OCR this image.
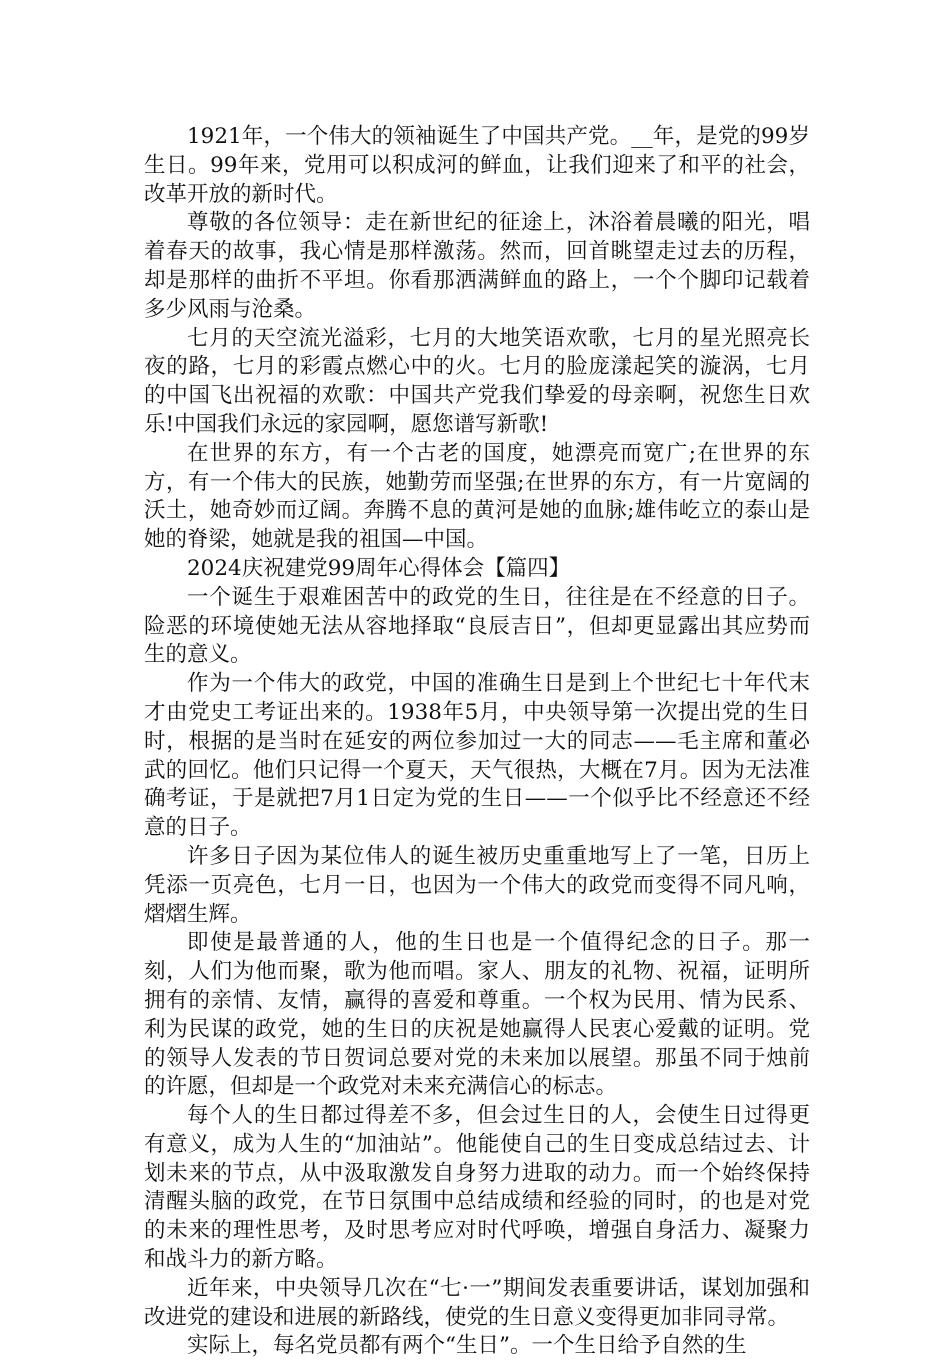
1921年，一个伟大的领袖诞生了中国共产党。__年，是党的99岁生日。99年来，党用可以积成河的鲜血，让我们迎来了和平的社会，改革开放的新时代。

尊敬的各位领导：走在新世纪的征途上，沐浴着晨曦的阳光，唱着春天的故事，我心情是那样激荡。然而，回首眺望走过去的历程，却是那样的曲折不平坦。你看那洒满鲜血的路上，一个个脚印记载着多少风雨与沧桑。

七月的天空流光溢彩，七月的大地笑语欢歌，七月的星光照亮长夜的路，七月的彩霞点燃心中的火。七月的脸庞漾起笑的漩涡，七月的中国飞出祝福的欢歌：中国共产党我们挚爱的母亲啊，祝您生日欢乐!中国我们永远的家园啊，愿您谱写新歌!

在世界的东方，有一个古老的国度，她漂亮而宽广;在世界的东方，有一个伟大的民族，她勤劳而坚强;在世界的东方，有一片宽阔的沃土，她奇妙而辽阔。奔腾不息的黄河是她的血脉;雄伟屹立的泰山是她的脊梁，她就是我的祖国—中国。

2024庆祝建党99周年心得体会【篇四】

一个诞生于艰难困苦中的政党的生日，往往是在不经意的日子。险恶的环境使她无法从容地择取“良辰吉日”，但却更显露出其应势而生的意义。

作为一个伟大的政党，中国的准确生日是到上个世纪七十年代末才由党史工考证出来的。1938年5月，中央领导第一次提出党的生日时，根据的是当时在延安的两位参加过一大的同志——毛主席和董必武的回忆。他们只记得一个夏天，天气很热，大概在7月。因为无法准确考证，于是就把7月1日定为党的生日——一个似乎比不经意还不经意的日子。

许多日子因为某位伟人的诞生被历史重重地写上了一笔，日历上凭添一页亮色，七月一日，也因为一个伟大的政党而变得不同凡响，熠熠生辉。

即使是最普通的人，他的生日也是一个值得纪念的日子。那一刻，人们为他而聚，歌为他而唱。家人、朋友的礼物、祝福，证明所拥有的亲情、友情，赢得的喜爱和尊重。一个权为民用、情为民系、利为民谋的政党，她的生日的庆祝是她赢得人民衷心爱戴的证明。党的领导人发表的节日贺词总要对党的未来加以展望。那虽不同于烛前的许愿，但却是一个政党对未来充满信心的标志。

每个人的生日都过得差不多，但会过生日的人，会使生日过得更有意义，成为人生的“加油站”。他能使自己的生日变成总结过去、计划未来的节点，从中汲取激发自身努力进取的动力。而一个始终保持清醒头脑的政党，在节日氛围中总结成绩和经验的同时，的也是对党的未来的理性思考，及时思考应对时代呼唤，增强自身活力、凝聚力和战斗力的新方略。

近年来，中央领导几次在“七·一”期间发表重要讲话，谋划加强和改进党的建设和进展的新路线，使党的生日意义变得更加非同寻常。

实际上，每名党员都有两个“生日”。一个生日给予自然的生
